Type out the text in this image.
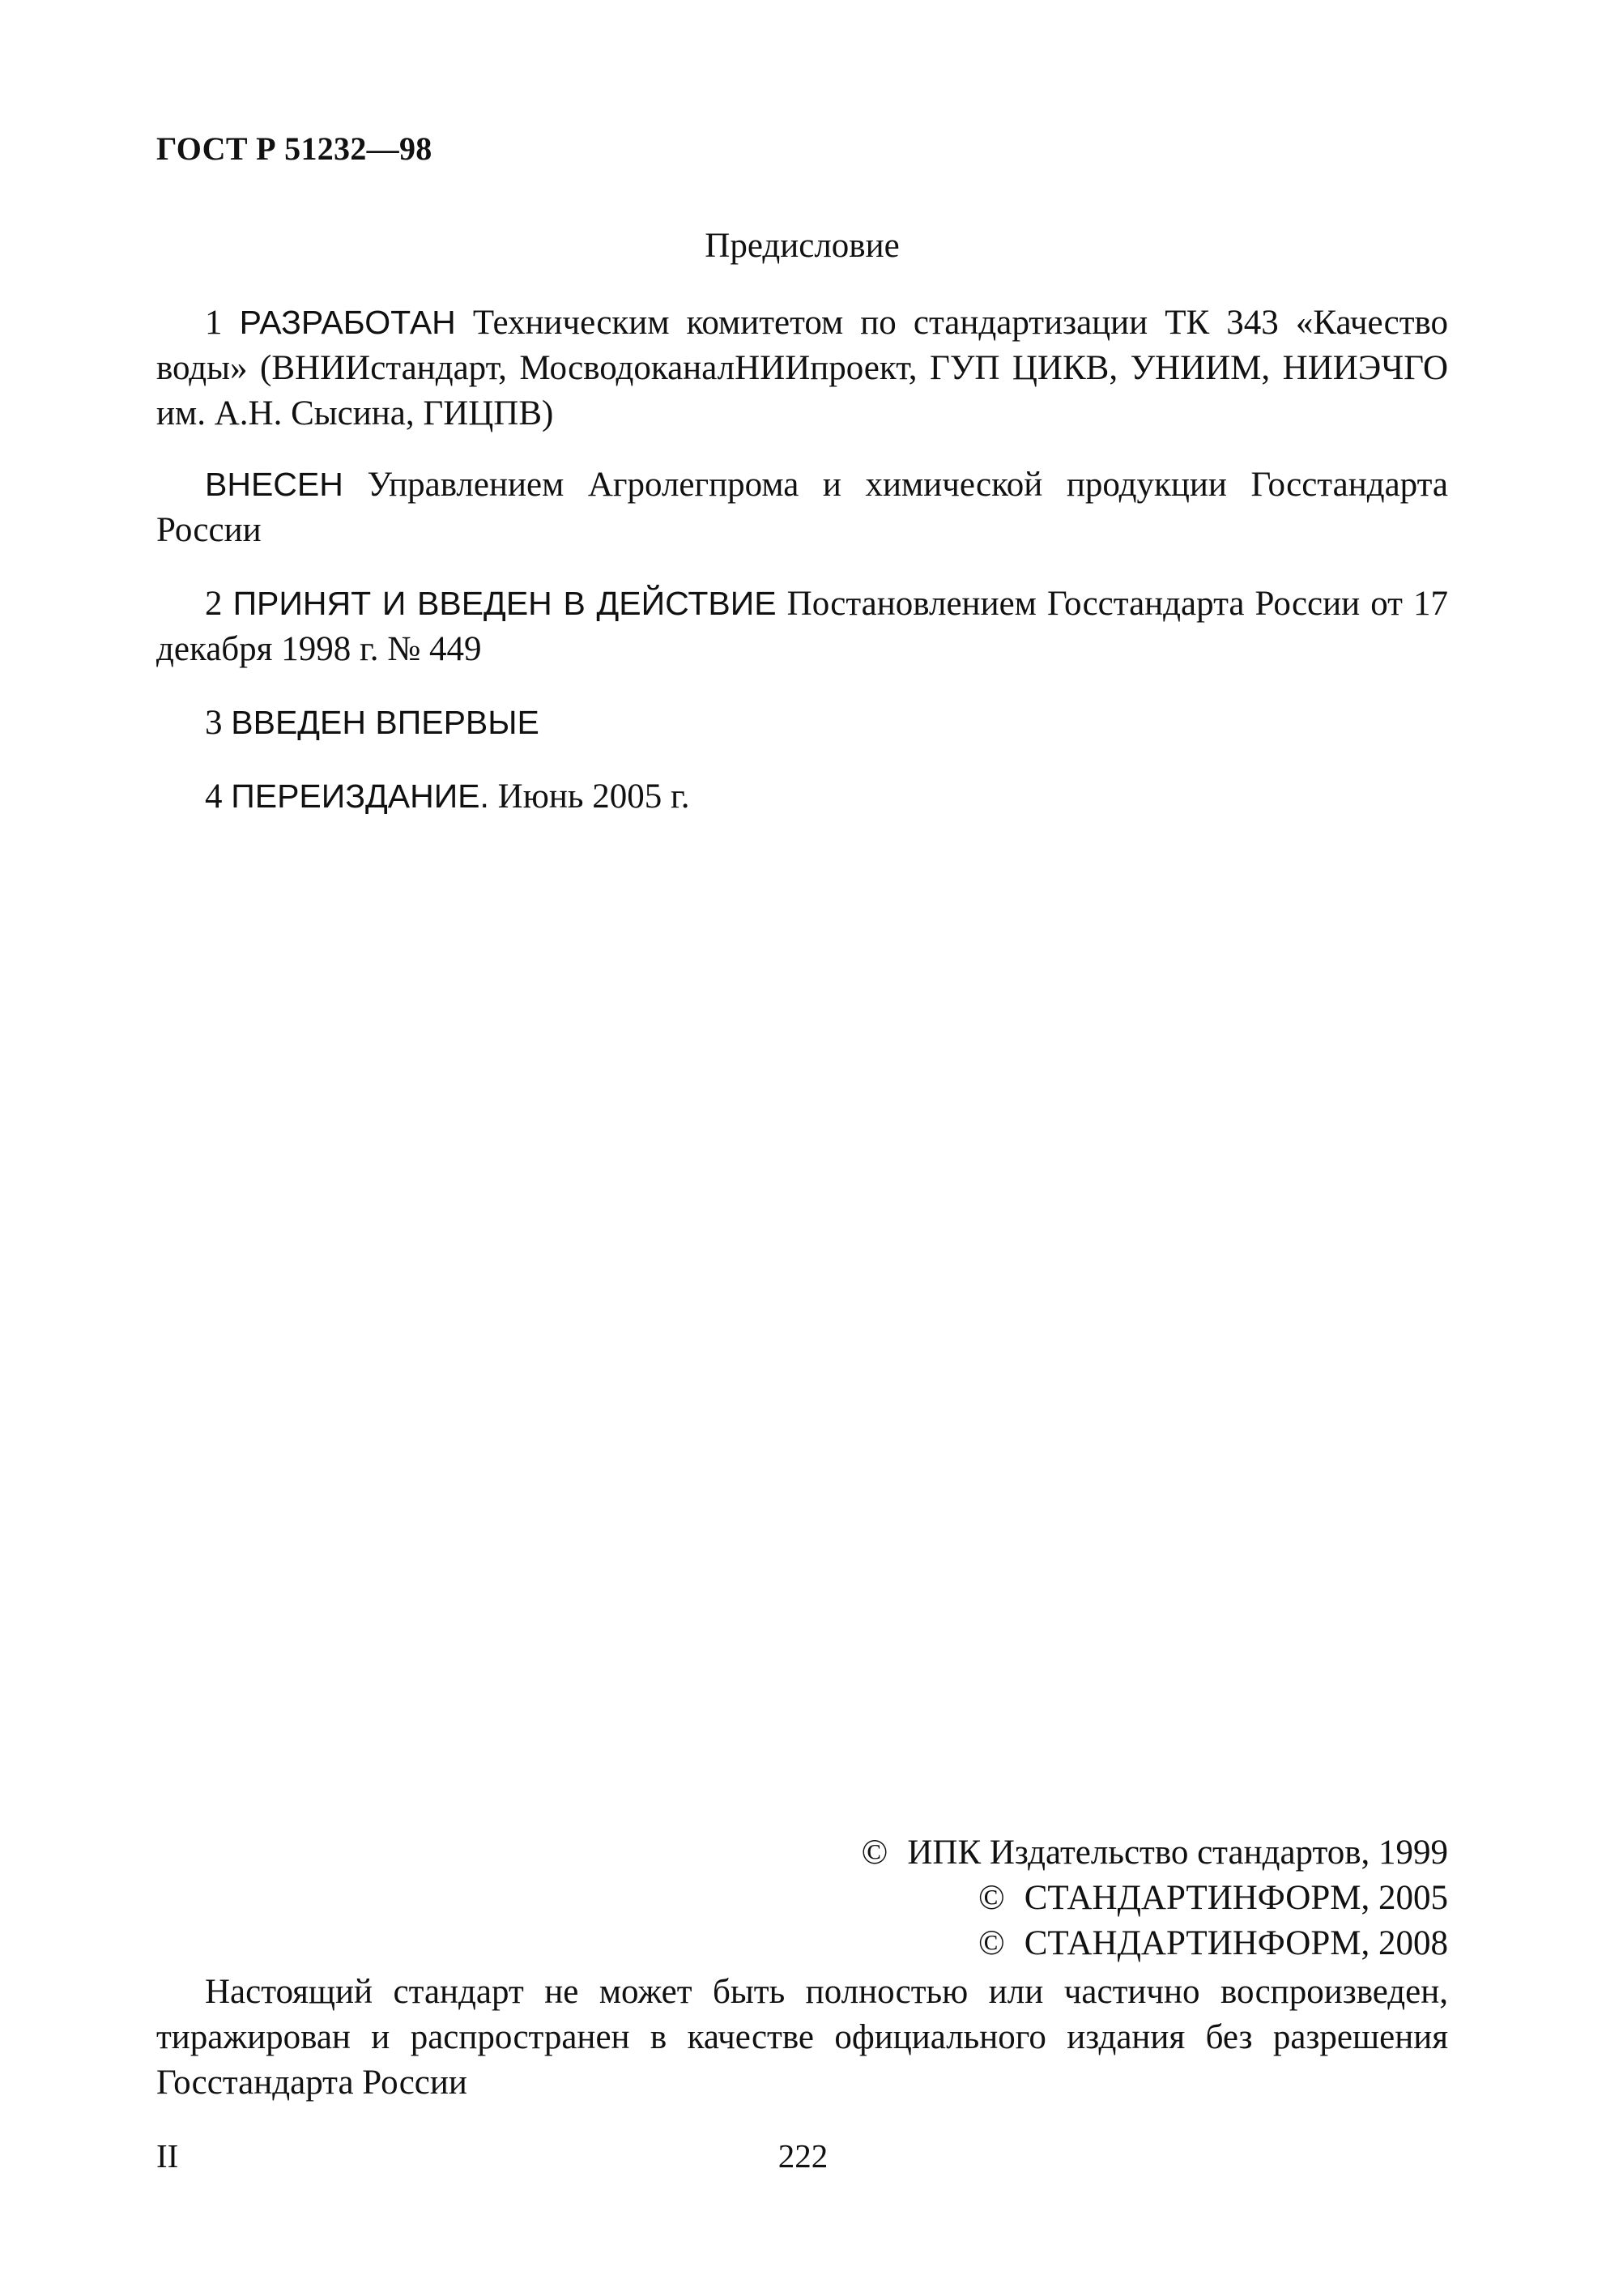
ГОСТ Р 51232—98
Предисловие

1 РАЗРАБОТАН Техническим комитетом по стандартизации ТК 343 «Качество воды» (ВНИИстандарт, МосводоканалНИИпроект, ГУП ЦИКВ, УНИИМ, НИИЭЧГО им. А.Н. Сысина, ГИЦПВ)

ВНЕСЕН Управлением Агролегпрома и химической продукции Госстандарта России

2 ПРИНЯТ И ВВЕДЕН В ДЕЙСТВИЕ Постановлением Госстандарта России от 17 декабря 1998 г. № 449

3 ВВЕДЕН ВПЕРВЫЕ

4 ПЕРЕИЗДАНИЕ. Июнь 2005 г.

© ИПК Издательство стандартов, 1999
© СТАНДАРТИНФОРМ, 2005
© СТАНДАРТИНФОРМ, 2008

Настоящий стандарт не может быть полностью или частично воспроизведен, тиражирован и распространен в качестве официального издания без разрешения Госстандарта России

II	222
